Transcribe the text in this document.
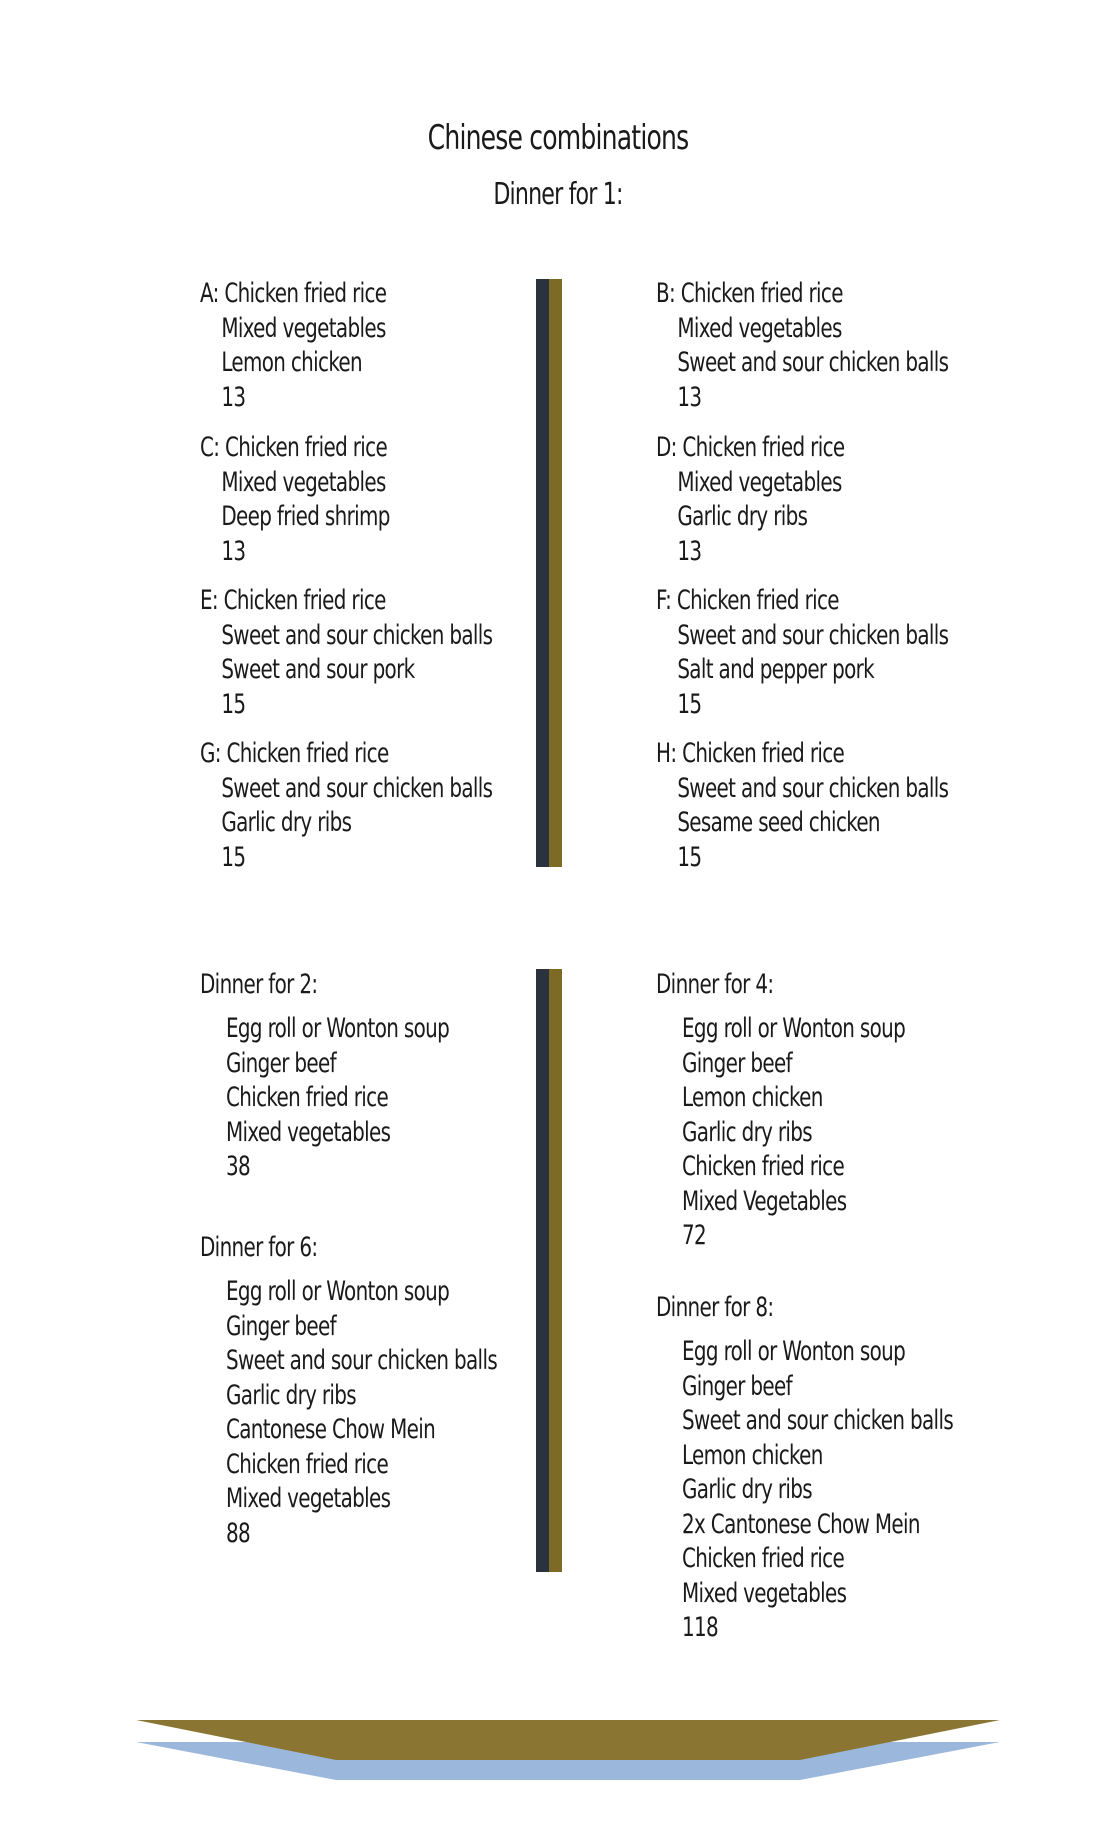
Chinese combinations
Dinner for 1:
A: Chicken fried rice
Mixed vegetables
Lemon chicken
13
B: Chicken fried rice
Mixed vegetables
Sweet and sour chicken balls
13
C: Chicken fried rice
Mixed vegetables
Deep fried shrimp
13
D: Chicken fried rice
Mixed vegetables
Garlic dry ribs
13
E: Chicken fried rice
Sweet and sour chicken balls
Sweet and sour pork
15
F: Chicken fried rice
Sweet and sour chicken balls
Salt and pepper pork
15
G: Chicken fried rice
Sweet and sour chicken balls
Garlic dry ribs
15
H: Chicken fried rice
Sweet and sour chicken balls
Sesame seed chicken
15
Dinner for 2:
Egg roll or Wonton soup
Ginger beef
Chicken fried rice
Mixed vegetables
38
Dinner for 4:
Egg roll or Wonton soup
Ginger beef
Lemon chicken
Garlic dry ribs
Chicken fried rice
Mixed Vegetables
72
Dinner for 6:
Egg roll or Wonton soup
Ginger beef
Sweet and sour chicken balls
Garlic dry ribs
Cantonese Chow Mein
Chicken fried rice
Mixed vegetables
88
Dinner for 8:
Egg roll or Wonton soup
Ginger beef
Sweet and sour chicken balls
Lemon chicken
Garlic dry ribs
2x Cantonese Chow Mein
Chicken fried rice
Mixed vegetables
118
